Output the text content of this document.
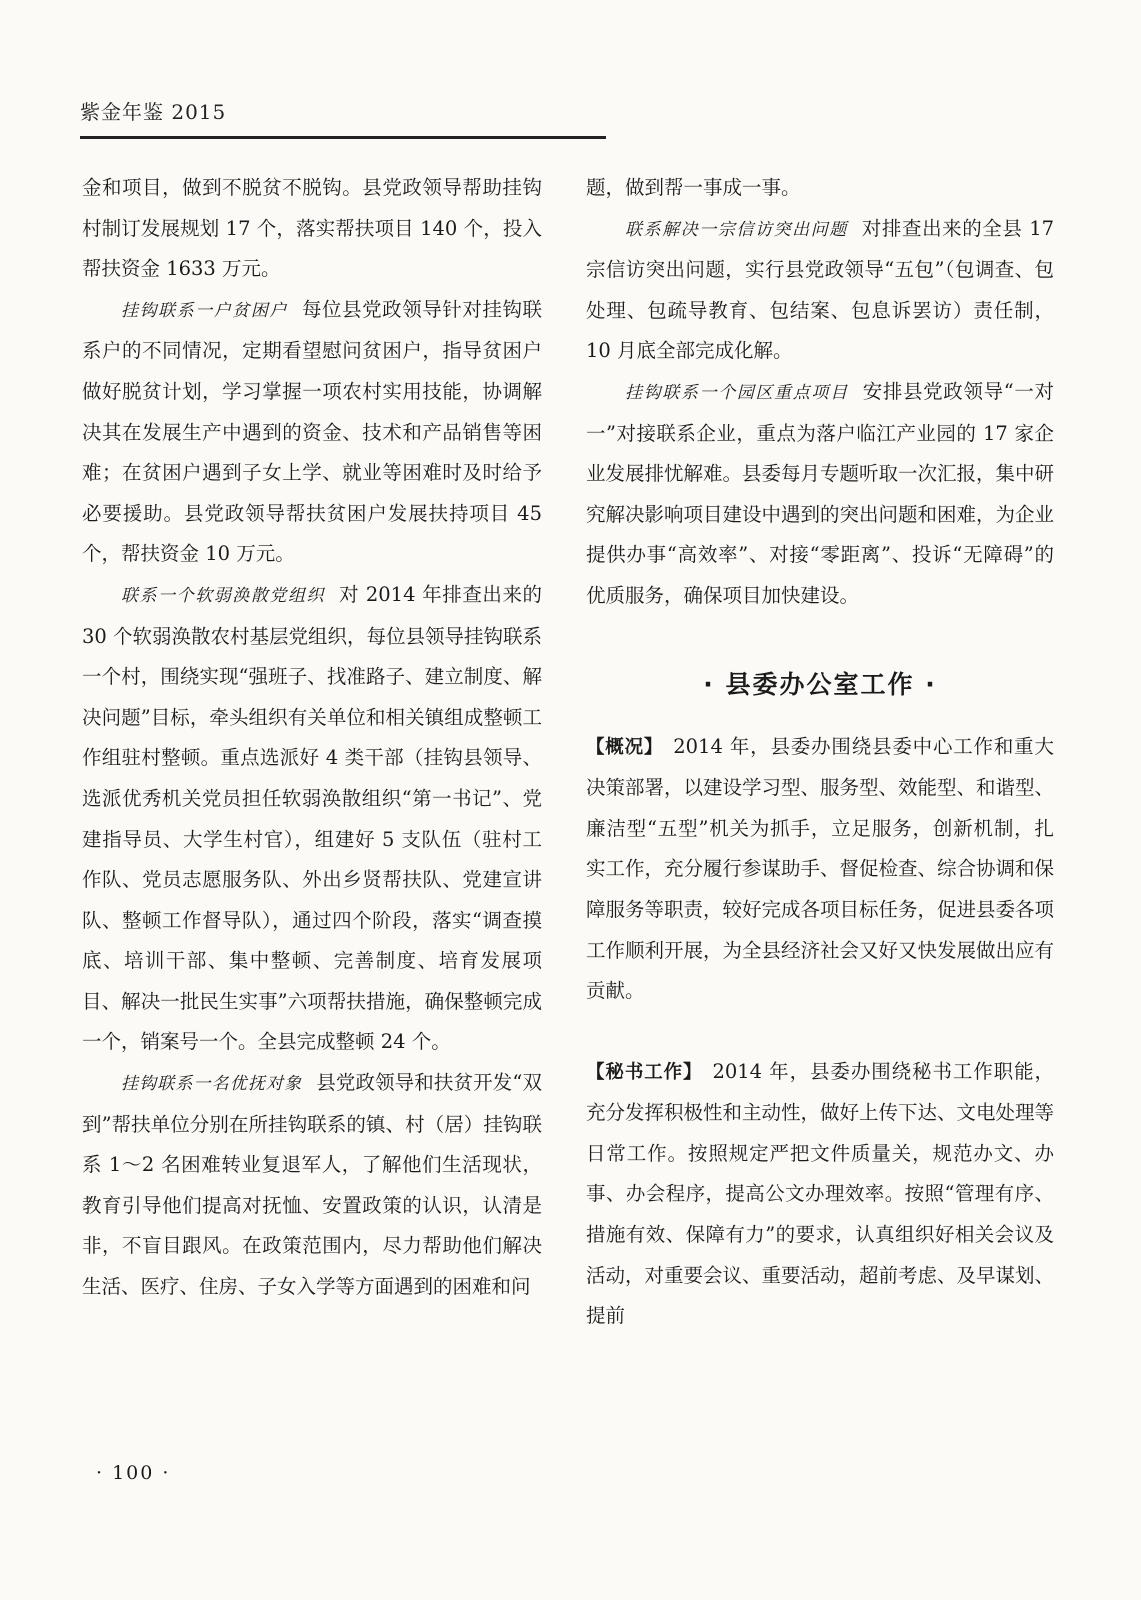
紫金年鉴 2015

金和项目，做到不脱贫不脱钩。县党政领导帮助挂钩村制订发展规划 17 个，落实帮扶项目 140 个，投入帮扶资金 1633 万元。

挂钩联系一户贫困户 每位县党政领导针对挂钩联系户的不同情况，定期看望慰问贫困户，指导贫困户做好脱贫计划，学习掌握一项农村实用技能，协调解决其在发展生产中遇到的资金、技术和产品销售等困难；在贫困户遇到子女上学、就业等困难时及时给予必要援助。县党政领导帮扶贫困户发展扶持项目 45 个，帮扶资金 10 万元。

联系一个软弱涣散党组织 对 2014 年排查出来的 30 个软弱涣散农村基层党组织，每位县领导挂钩联系一个村，围绕实现“强班子、找准路子、建立制度、解决问题”目标，牵头组织有关单位和相关镇组成整顿工作组驻村整顿。重点选派好 4 类干部（挂钩县领导、选派优秀机关党员担任软弱涣散组织“第一书记”、党建指导员、大学生村官），组建好 5 支队伍（驻村工作队、党员志愿服务队、外出乡贤帮扶队、党建宣讲队、整顿工作督导队），通过四个阶段，落实“调查摸底、培训干部、集中整顿、完善制度、培育发展项目、解决一批民生实事”六项帮扶措施，确保整顿完成一个，销案号一个。全县完成整顿 24 个。

挂钩联系一名优抚对象 县党政领导和扶贫开发“双到”帮扶单位分别在所挂钩联系的镇、村（居）挂钩联系 1～2 名困难转业复退军人，了解他们生活现状，教育引导他们提高对抚恤、安置政策的认识，认清是非，不盲目跟风。在政策范围内，尽力帮助他们解决生活、医疗、住房、子女入学等方面遇到的困难和问

题，做到帮一事成一事。

联系解决一宗信访突出问题 对排查出来的全县 17 宗信访突出问题，实行县党政领导“五包”（包调查、包处理、包疏导教育、包结案、包息诉罢访）责任制，10 月底全部完成化解。

挂钩联系一个园区重点项目 安排县党政领导“一对一”对接联系企业，重点为落户临江产业园的 17 家企业发展排忧解难。县委每月专题听取一次汇报，集中研究解决影响项目建设中遇到的突出问题和困难，为企业提供办事“高效率”、对接“零距离”、投诉“无障碍”的优质服务，确保项目加快建设。

· 县委办公室工作 ·

【概况】 2014 年，县委办围绕县委中心工作和重大决策部署，以建设学习型、服务型、效能型、和谐型、廉洁型“五型”机关为抓手，立足服务，创新机制，扎实工作，充分履行参谋助手、督促检查、综合协调和保障服务等职责，较好完成各项目标任务，促进县委各项工作顺利开展，为全县经济社会又好又快发展做出应有贡献。

【秘书工作】 2014 年，县委办围绕秘书工作职能，充分发挥积极性和主动性，做好上传下达、文电处理等日常工作。按照规定严把文件质量关，规范办文、办事、办会程序，提高公文办理效率。按照“管理有序、措施有效、保障有力”的要求，认真组织好相关会议及活动，对重要会议、重要活动，超前考虑、及早谋划、提前

· 100 ·
